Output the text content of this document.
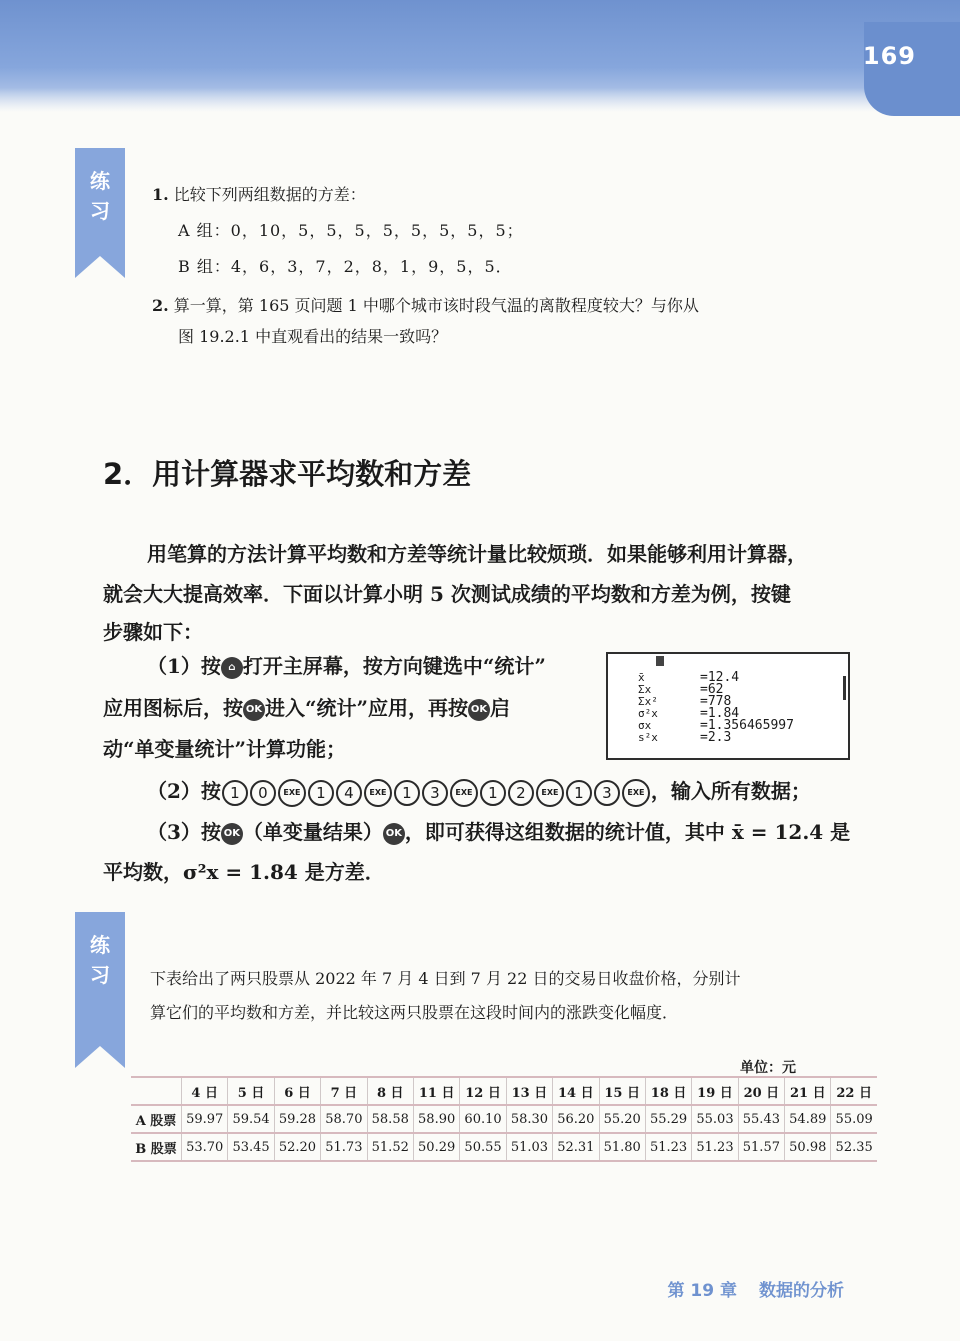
169
练
习
1. 比较下列两组数据的方差：
A 组：0，10，5，5，5，5，5，5，5，5；
B 组：4，6，3，7，2，8，1，9，5，5．
2. 算一算，第 165 页问题 1 中哪个城市该时段气温的离散程度较大？与你从
图 19.2.1 中直观看出的结果一致吗？
2．用计算器求平均数和方差
用笔算的方法计算平均数和方差等统计量比较烦琐．如果能够利用计算器，
就会大大提高效率．下面以计算小明 5 次测试成绩的平均数和方差为例，按键
步骤如下：
（1）按 ⌂ 打开主屏幕，按方向键选中“统计”
应用图标后，按 OK 进入“统计”应用，再按 OK 启
动“单变量统计”计算功能；
x̄	=12.4
Σx	=62
Σx²	=778
σ²x	=1.84
σx	=1.356465997
s²x	=2.3
（2）按 1 0 EXE 1 4 EXE 1 3 EXE 1 2 EXE 1 3 EXE ，输入所有数据；
（3）按 OK （单变量结果） OK ，即可获得这组数据的统计值，其中 x̄ = 12.4 是
平均数，σ²x = 1.84 是方差．
练
习	下表给出了两只股票从 2022 年 7 月 4 日到 7 月 22 日的交易日收盘价格，分别计
算它们的平均数和方差，并比较这两只股票在这段时间内的涨跌变化幅度．
单位：元
	4 日	5 日	6 日	7 日	8 日	11 日	12 日	13 日	14 日	15 日	18 日	19 日	20 日	21 日	22 日
A 股票	59.97	59.54	59.28	58.70	58.58	58.90	60.10	58.30	56.20	55.20	55.29	55.03	55.43	54.89	55.09
B 股票	53.70	53.45	52.20	51.73	51.52	50.29	50.55	51.03	52.31	51.80	51.23	51.23	51.57	50.98	52.35
第 19 章 数据的分析
